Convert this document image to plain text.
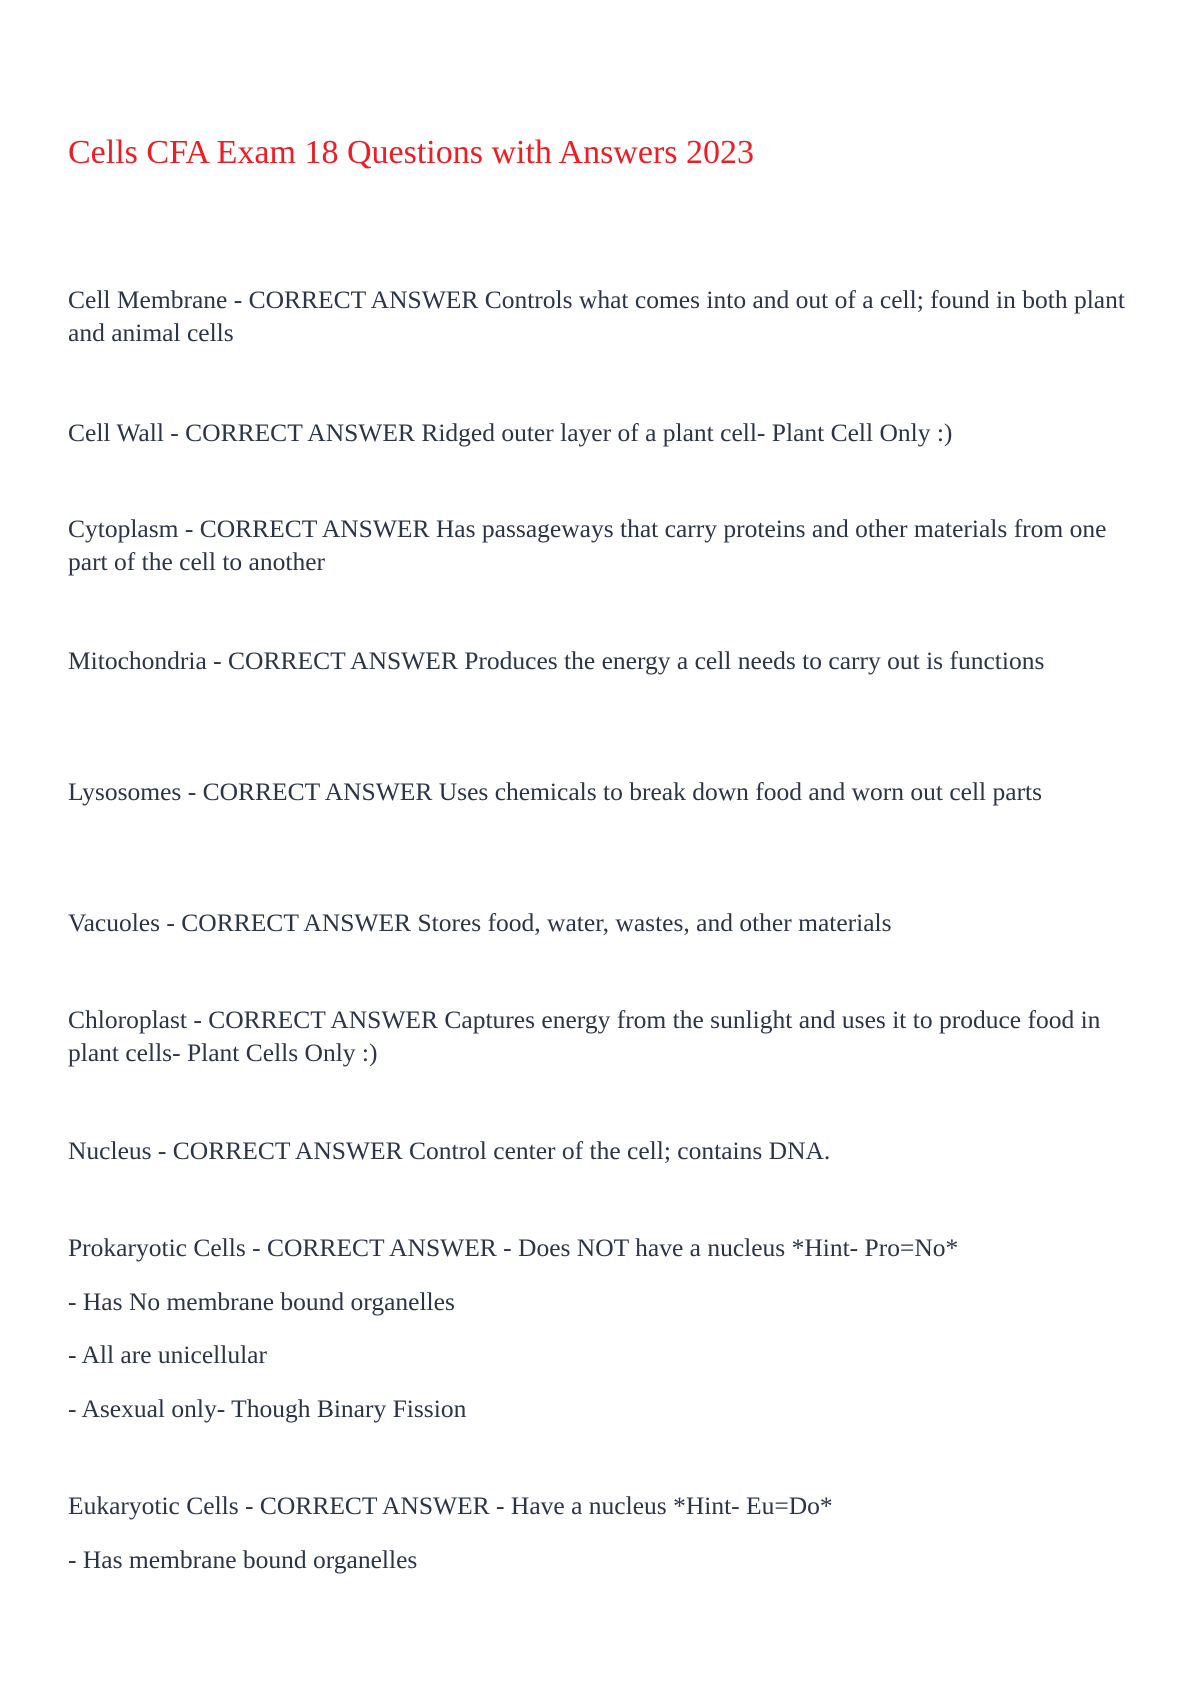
Cells CFA Exam 18 Questions with Answers 2023

Cell Membrane - CORRECT ANSWER Controls what comes into and out of a cell; found in both plant and animal cells

Cell Wall - CORRECT ANSWER Ridged outer layer of a plant cell- Plant Cell Only :)

Cytoplasm - CORRECT ANSWER Has passageways that carry proteins and other materials from one part of the cell to another

Mitochondria - CORRECT ANSWER Produces the energy a cell needs to carry out is functions

Lysosomes - CORRECT ANSWER Uses chemicals to break down food and worn out cell parts

Vacuoles - CORRECT ANSWER Stores food, water, wastes, and other materials

Chloroplast - CORRECT ANSWER Captures energy from the sunlight and uses it to produce food in plant cells- Plant Cells Only :)

Nucleus - CORRECT ANSWER Control center of the cell; contains DNA.

Prokaryotic Cells - CORRECT ANSWER - Does NOT have a nucleus *Hint- Pro=No*

- Has No membrane bound organelles

- All are unicellular

- Asexual only- Though Binary Fission

Eukaryotic Cells - CORRECT ANSWER - Have a nucleus *Hint- Eu=Do*

- Has membrane bound organelles
